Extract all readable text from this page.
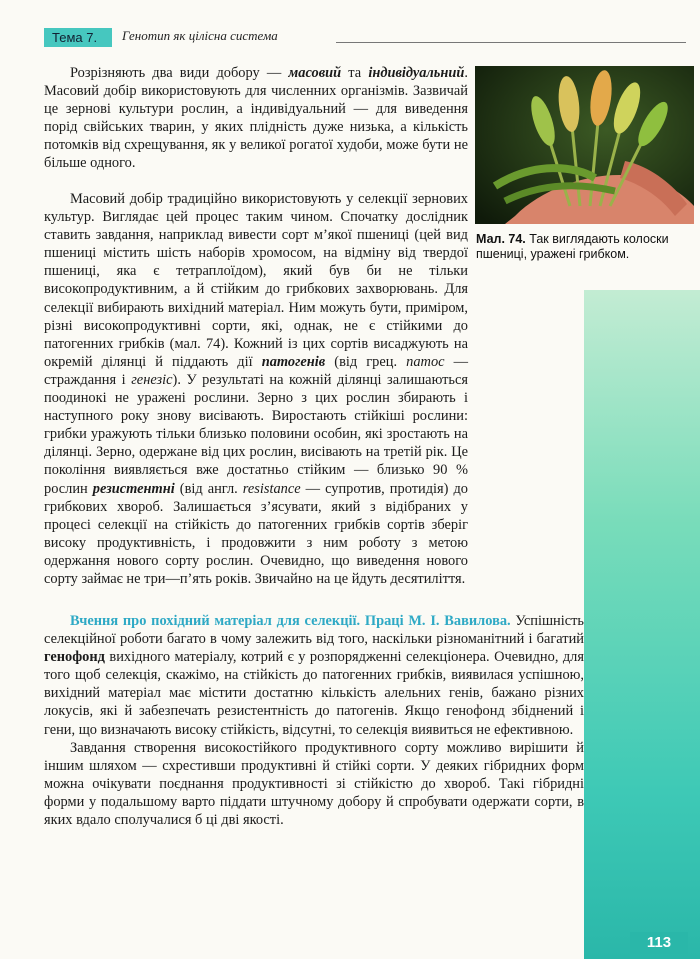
Тема 7.	Генотип як цілісна система
Мал. 74. Так виглядають колоски пшениці, уражені грибком.

Розрізняють два види добору — масовий та індивідуальний. Масовий добір використовують для численних організмів. Зазвичай це зернові культури рослин, а індивідуальний — для виведення порід свійських тварин, у яких плідність дуже низька, а кількість потомків від схрещування, як у великої рогатої худоби, може бути не більше одного.

Масовий добір традиційно використовують у селекції зернових культур. Виглядає цей процес таким чином. Спочатку дослідник ставить завдання, наприклад вивести сорт м’якої пшениці (цей вид пшениці містить шість наборів хромосом, на відміну від твердої пшениці, яка є тетраплоїдом), який був би не тільки високопродуктивним, а й стійким до грибкових захворювань. Для селекції вибирають вихідний матеріал. Ним можуть бути, приміром, різні високопродуктивні сорти, які, однак, не є стійкими до патогенних грибків (мал. 74). Кожний із цих сортів висаджують на окремій ділянці й піддають дії патогенів (від грец. патос — страждання і генезіс). У результаті на кожній ділянці залишаються поодинокі не уражені рослини. Зерно з цих рослин збирають і наступного року знову висівають. Виростають стійкіші рослини: грибки уражують тільки близько половини особин, які зростають на ділянці. Зерно, одержане від цих рослин, висівають на третій рік. Це покоління виявляється вже достатньо стійким — близько 90 % рослин резистентні (від англ. resistance — супротив, протидія) до грибкових хвороб. Залишається з’ясувати, який з відібраних у процесі селекції на стійкість до патогенних грибків сортів зберіг високу продуктивність, і продовжити з ним роботу з метою одержання нового сорту рослин. Очевидно, що виведення нового сорту займає не три—п’ять років. Звичайно на це йдуть десятиліття.

Вчення про похідний матеріал для селекції. Праці М. І. Вавилова. Успішність селекційної роботи багато в чому залежить від того, наскільки різноманітний і багатий генофонд вихідного матеріалу, котрий є у розпорядженні селекціонера. Очевидно, для того щоб селекція, скажімо, на стійкість до патогенних грибків, виявилася успішною, вихідний матеріал має містити достатню кількість алельних генів, бажано різних локусів, які й забезпечать резистентність до патогенів. Якщо генофонд збіднений і гени, що визначають високу стійкість, відсутні, то селекція виявиться не ефективною.

Завдання створення високостійкого продуктивного сорту можливо вирішити й іншим шляхом — схрестивши продуктивні й стійкі сорти. У деяких гібридних форм можна очікувати поєднання продуктивності зі стійкістю до хвороб. Такі гібридні форми у подальшому варто піддати штучному добору й спробувати одержати сорти, в яких вдало сполучалися б ці дві якості.

113
